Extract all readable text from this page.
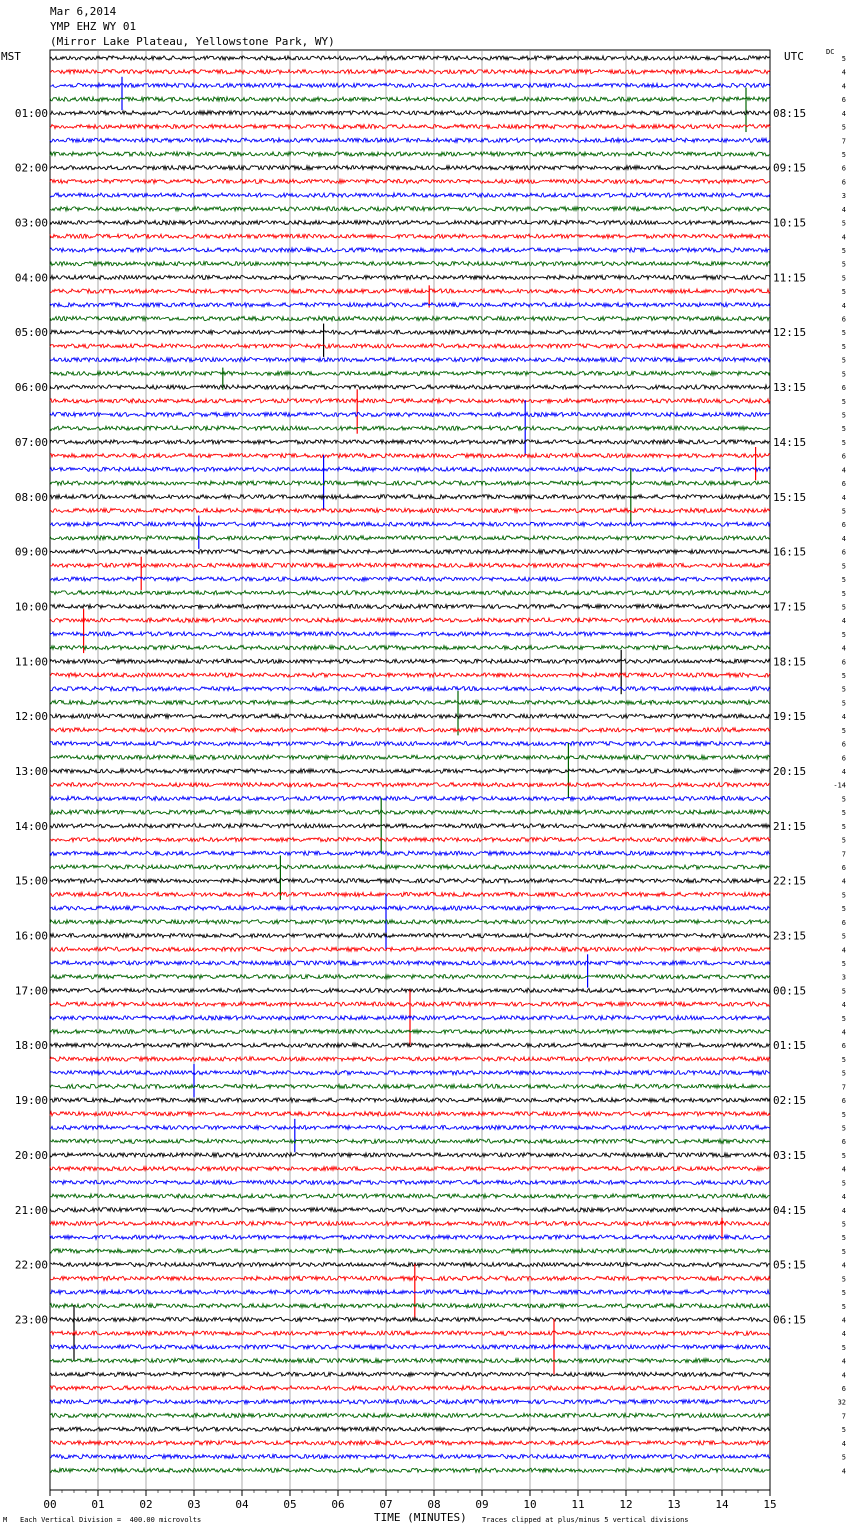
Mar 6,2014
YMP EHZ WY 01
(Mirror Lake Plateau, Yellowstone Park, WY)
MST	UTC	DC
00	01	02	03	04	05	06	07	08	09	10	11	12	13	14	15
5
4
4
6
4
5
7
5
6
6
3
4
5
4
5
5
5
5
4
6
5
5
5
5
6
5
5
5
5
6
4
6
4
5
6
4
6
5
5
5
5
4
5
4
6
5
5
5
4
5
6
6
4
-14
5
5
5
5
7
6
4
5
5
6
5
4
5
3
5
4
5
4
6
5
5
7
6
5
5
6
5
4
5
4
4
5
5
5
4
5
5
5
4
4
5
4
4
6
32
7
5
4
5
4
01:00
02:00
03:00
04:00
05:00
06:00
07:00
08:00
09:00
10:00
11:00
12:00
13:00
14:00
15:00
16:00
17:00
18:00
19:00
20:00
21:00
22:00
23:00
08:15
09:15
10:15
11:15
12:15
13:15
14:15
15:15
16:15
17:15
18:15
19:15
20:15
21:15
22:15
23:15
00:15
01:15
02:15
03:15
04:15
05:15
06:15
TIME (MINUTES)
M Each Vertical Division =  400.00 microvolts	Traces clipped at plus/minus 5 vertical divisions
